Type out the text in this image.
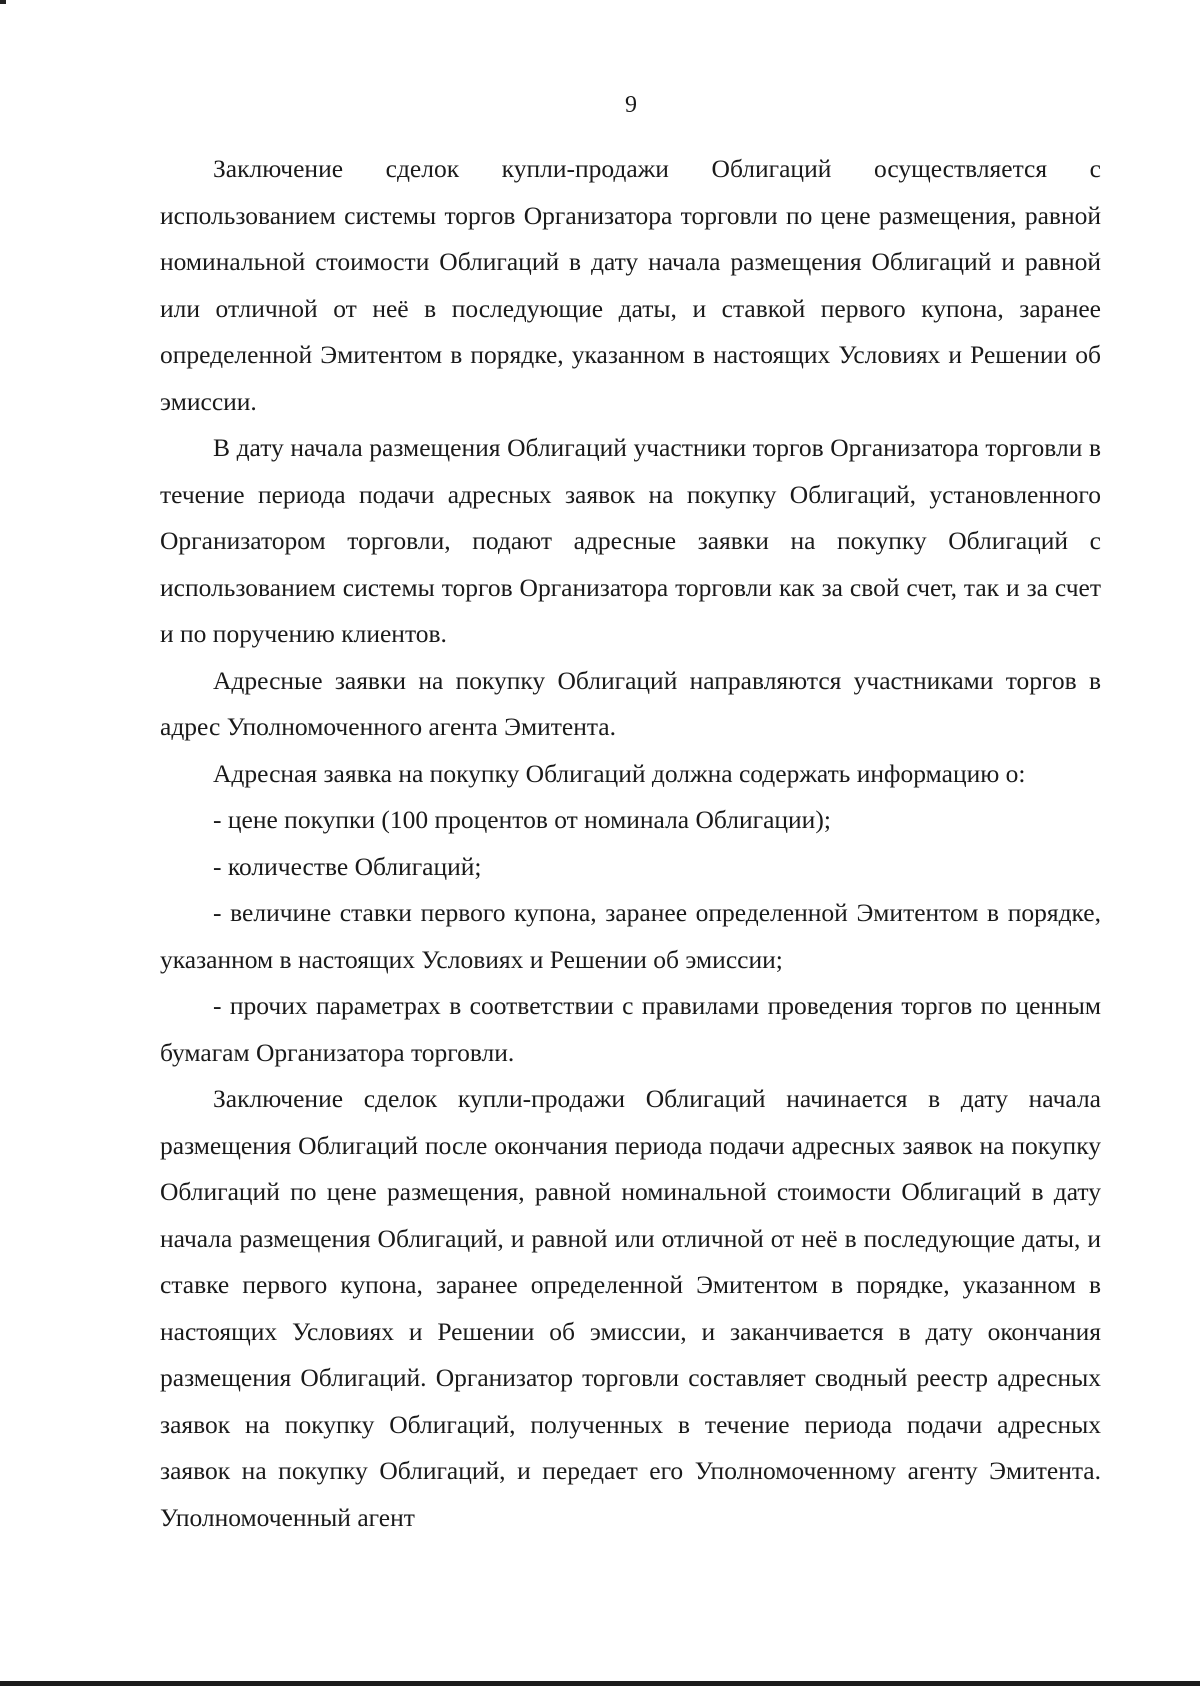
9

Заключение сделок купли-продажи Облигаций осуществляется с использованием системы торгов Организатора торговли по цене размещения, равной номинальной стоимости Облигаций в дату начала размещения Облигаций и равной или отличной от неё в последующие даты, и ставкой первого купона, заранее определенной Эмитентом в порядке, указанном в настоящих Условиях и Решении об эмиссии.

В дату начала размещения Облигаций участники торгов Организатора торговли в течение периода подачи адресных заявок на покупку Облигаций, установленного Организатором торговли, подают адресные заявки на покупку Облигаций с использованием системы торгов Организатора торговли как за свой счет, так и за счет и по поручению клиентов.

Адресные заявки на покупку Облигаций направляются участниками торгов в адрес Уполномоченного агента Эмитента.

Адресная заявка на покупку Облигаций должна содержать информацию о:

- цене покупки (100 процентов от номинала Облигации);

- количестве Облигаций;

- величине ставки первого купона, заранее определенной Эмитентом в порядке, указанном в настоящих Условиях и Решении об эмиссии;

- прочих параметрах в соответствии с правилами проведения торгов по ценным бумагам Организатора торговли.

Заключение сделок купли-продажи Облигаций начинается в дату начала размещения Облигаций после окончания периода подачи адресных заявок на покупку Облигаций по цене размещения, равной номинальной стоимости Облигаций в дату начала размещения Облигаций, и равной или отличной от неё в последующие даты, и ставке первого купона, заранее определенной Эмитентом в порядке, указанном в настоящих Условиях и Решении об эмиссии, и заканчивается в дату окончания размещения Облигаций. Организатор торговли составляет сводный реестр адресных заявок на покупку Облигаций, полученных в течение периода подачи адресных заявок на покупку Облигаций, и передает его Уполномоченному агенту Эмитента. Уполномоченный агент
